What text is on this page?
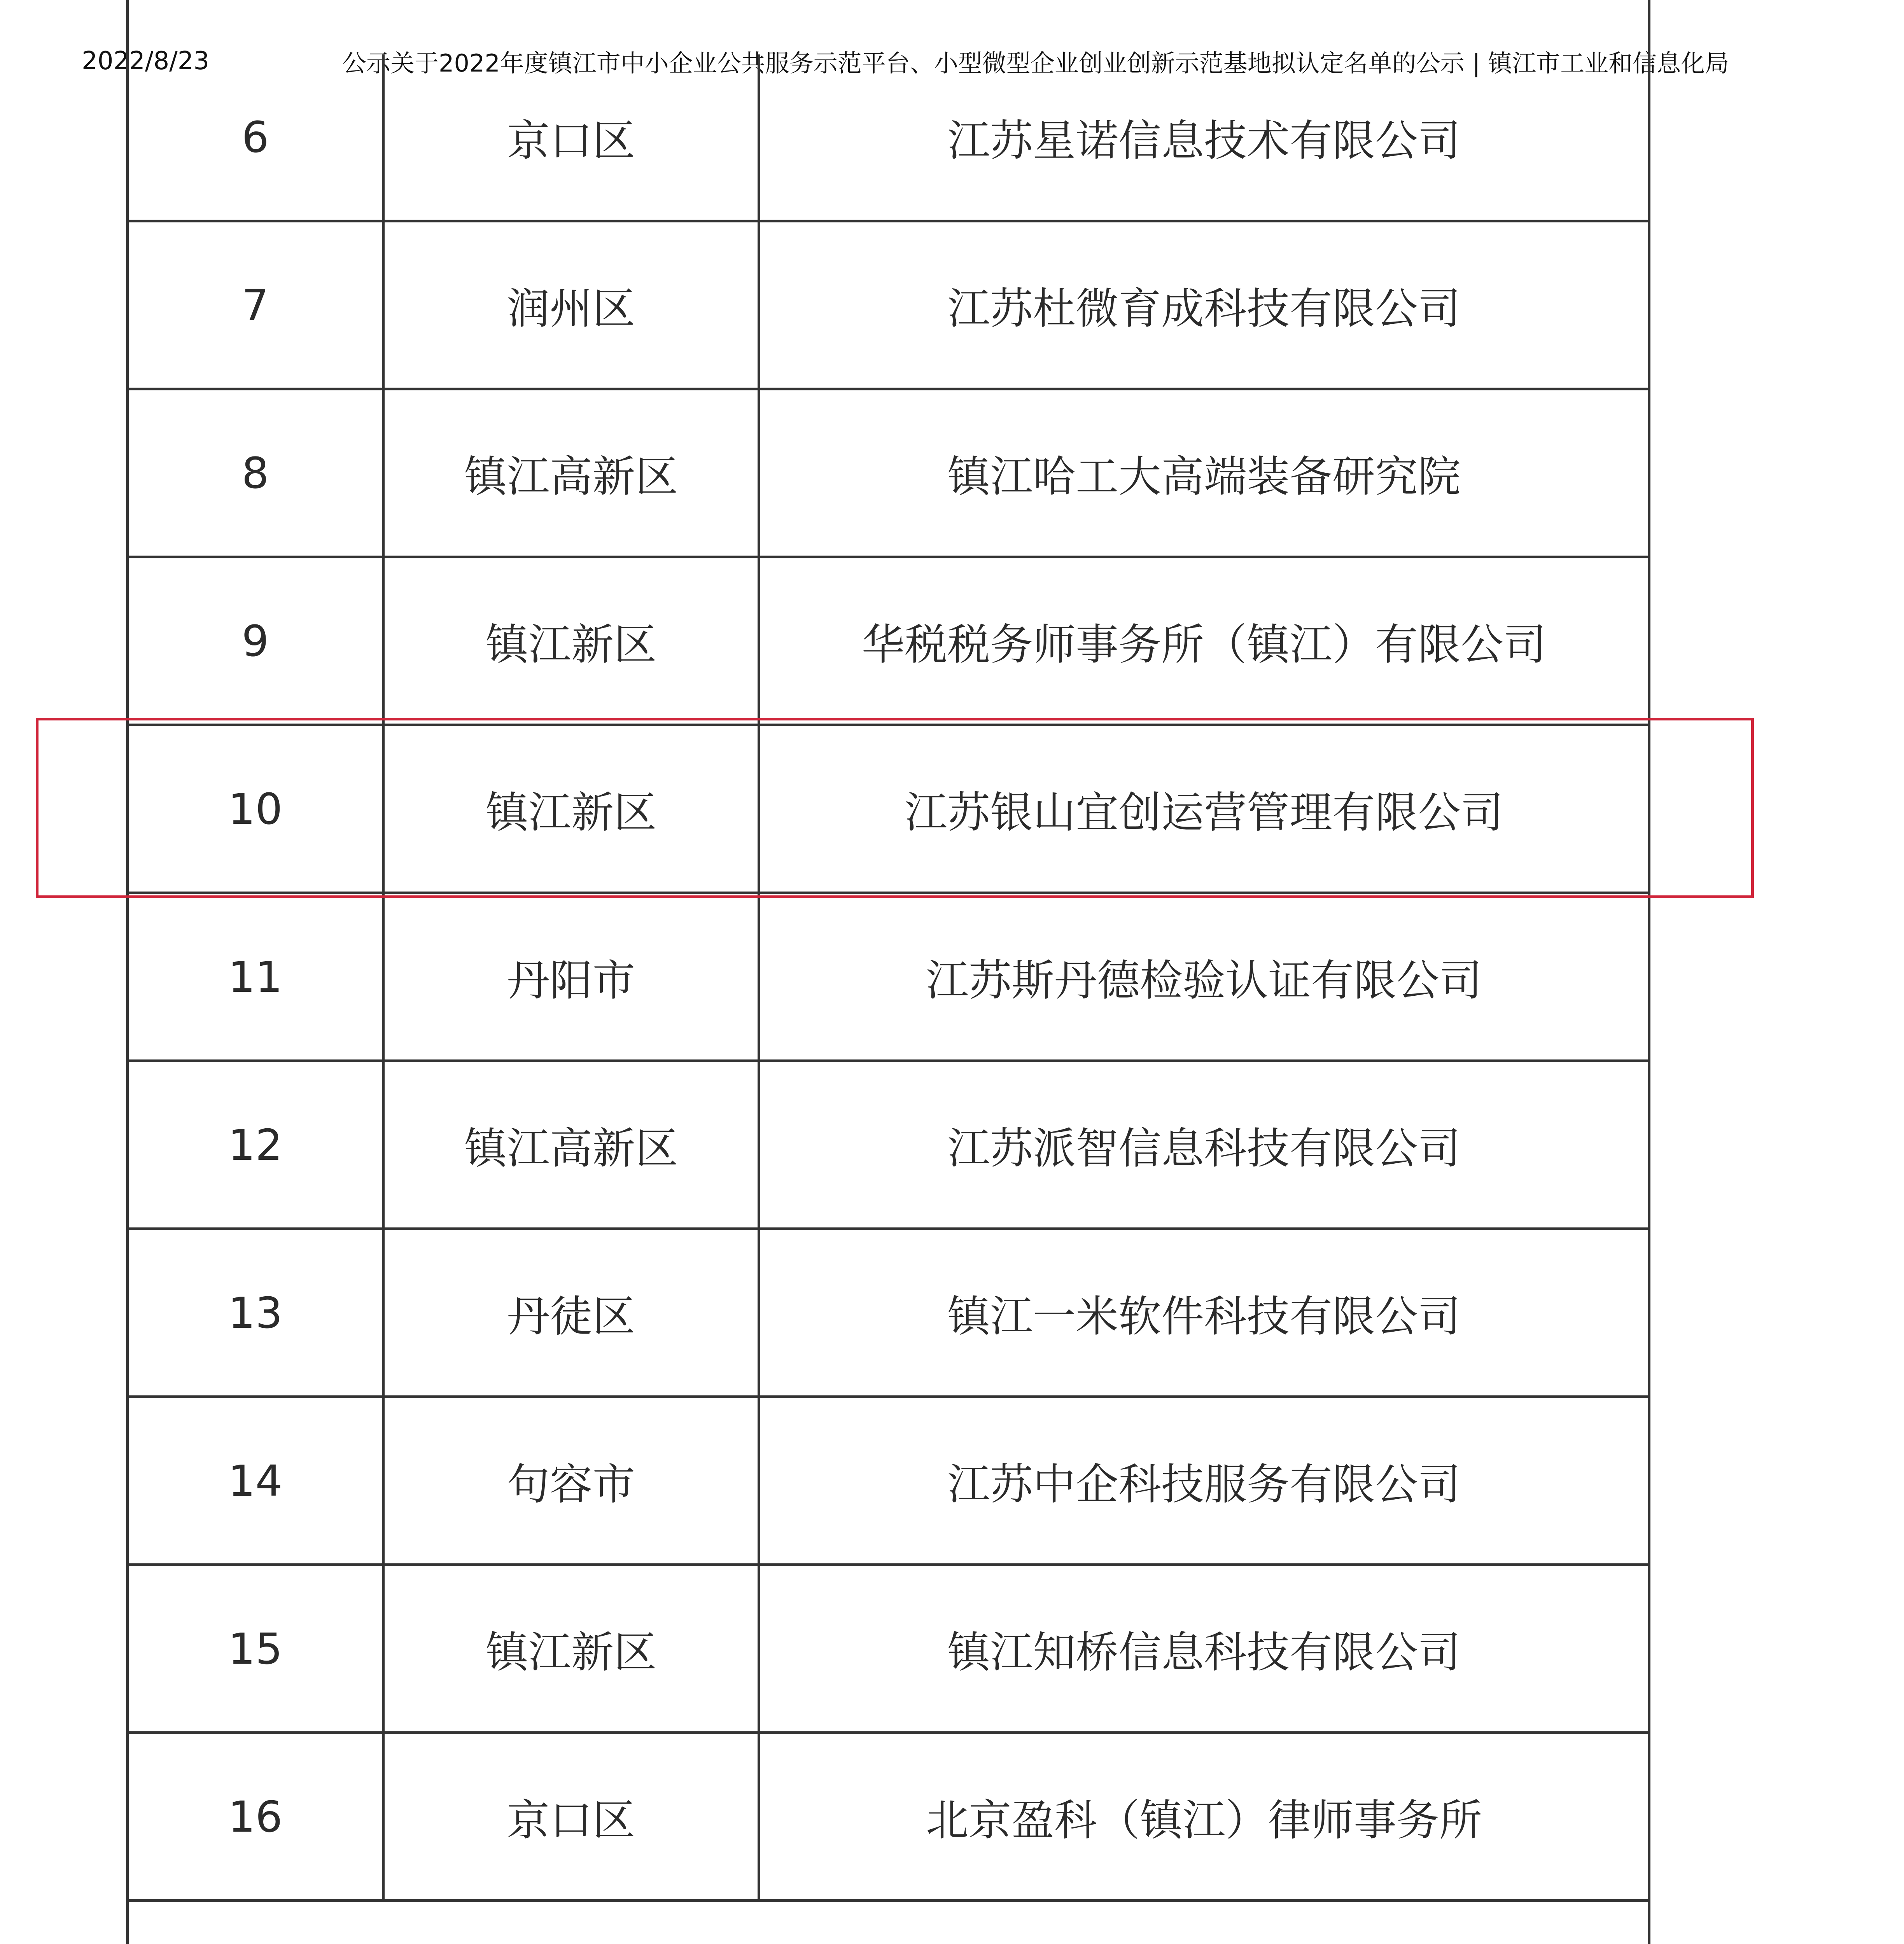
2022/8/23	公示关于2022年度镇江市中小企业公共服务示范平台、小型微型企业创业创新示范基地拟认定名单的公示 | 镇江市工业和信息化局
6	京口区	江苏星诺信息技术有限公司
7	润州区	江苏杜微育成科技有限公司
8	镇江高新区	镇江哈工大高端装备研究院
9	镇江新区	华税税务师事务所（镇江）有限公司
10	镇江新区	江苏银山宜创运营管理有限公司
11	丹阳市	江苏斯丹德检验认证有限公司
12	镇江高新区	江苏派智信息科技有限公司
13	丹徒区	镇江一米软件科技有限公司
14	句容市	江苏中企科技服务有限公司
15	镇江新区	镇江知桥信息科技有限公司
16	京口区	北京盈科（镇江）律师事务所
